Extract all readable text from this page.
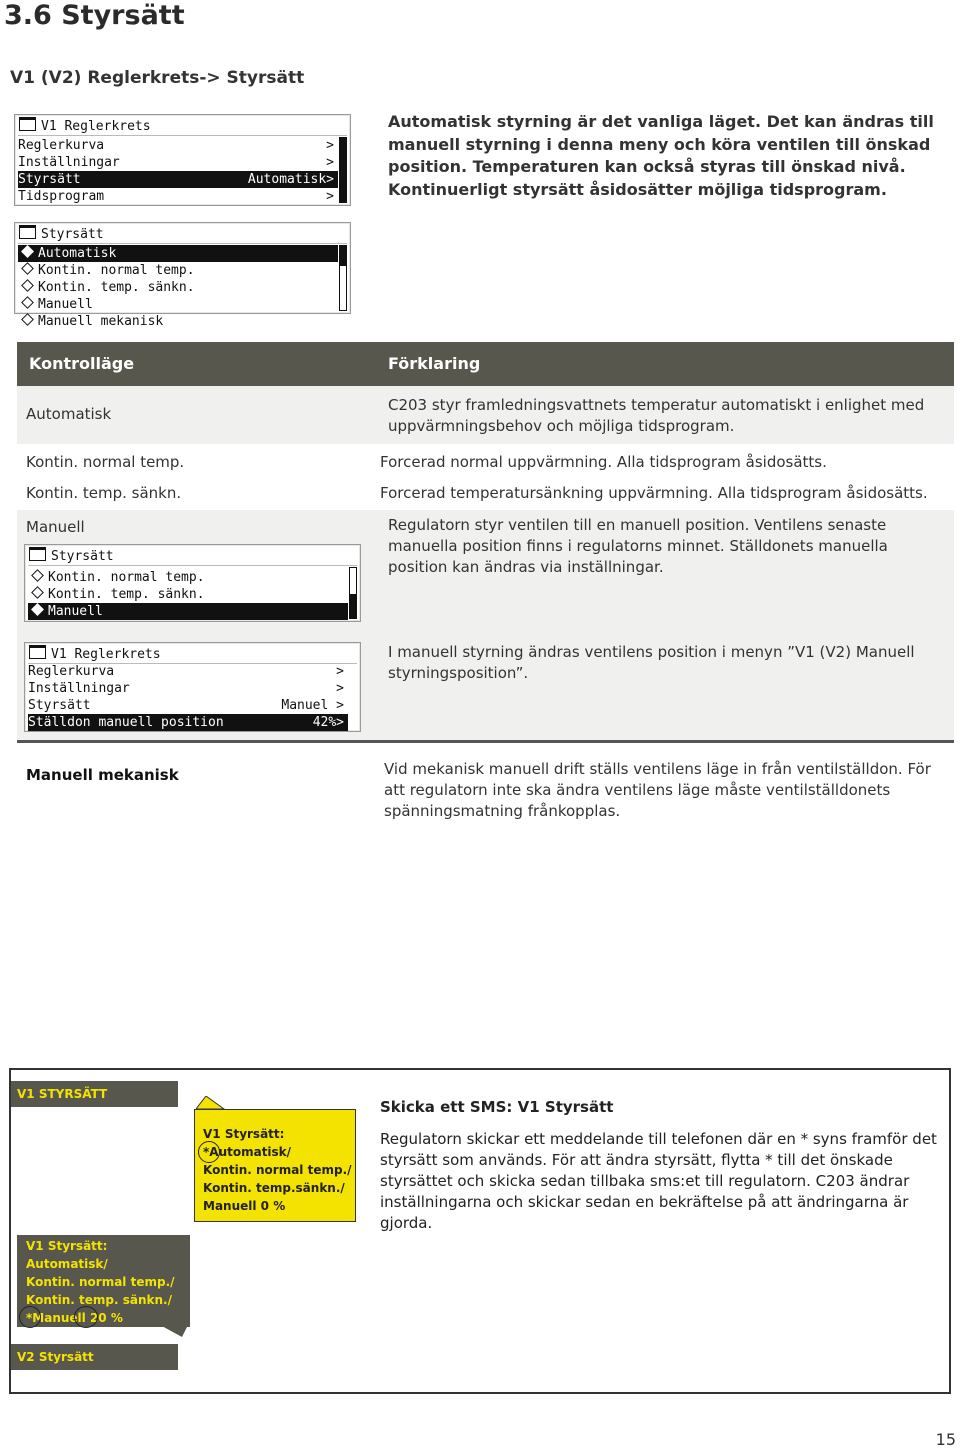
3.6 Styrsätt
V1 (V2) Reglerkrets-> Styrsätt
V1 Reglerkrets
Reglerkurva	>
Inställningar	>
Styrsätt	Automatisk>
Tidsprogram	>
Automatisk styrning är det vanliga läget. Det kan ändras till manuell styrning i denna meny och köra ventilen till önskad position. Temperaturen kan också styras till önskad nivå. Kontinuerligt styrsätt åsidosätter möjliga tidsprogram.
Styrsätt
Automatisk
Kontin. normal temp.
Kontin. temp. sänkn.
Manuell
Manuell mekanisk
Kontrolläge	Förklaring
Automatisk	C203 styr framledningsvattnets temperatur automatiskt i enlighet med uppvärmningsbehov och möjliga tidsprogram.
Kontin. normal temp.	Forcerad normal uppvärmning. Alla tidsprogram åsidosätts.
Kontin. temp. sänkn.	Forcerad temperatursänkning uppvärmning. Alla tidsprogram åsidosätts.
Manuell	Regulatorn styr ventilen till en manuell position. Ventilens senaste manuella position finns i regulatorns minnet. Ställdonets manuella position kan ändras via inställningar.
Styrsätt
Kontin. normal temp.
Kontin. temp. sänkn.
Manuell
I manuell styrning ändras ventilens position i menyn ”V1 (V2) Manuell styrningsposition”.
V1 Reglerkrets
Reglerkurva	>
Inställningar	>
Styrsätt	Manuel >
Ställdon manuell position	42%>
Manuell mekanisk	Vid mekanisk manuell drift ställs ventilens läge in från ventilställdon. För att regulatorn inte ska ändra ventilens läge måste ventilställdonets spänningsmatning frånkopplas.
V1 STYRSÄTT
V2 Styrsätt
V1 Styrsätt:
*Automatisk/
Kontin. normal temp./
Kontin. temp.sänkn./
Manuell 0 %
V1 Styrsätt:
Automatisk/
Kontin. normal temp./
Kontin. temp. sänkn./
*Manuell 20 %
Skicka ett SMS: V1 Styrsätt
Regulatorn skickar ett meddelande till telefonen där en * syns framför det styrsätt som används. För att ändra styrsätt, flytta * till det önskade styrsättet och skicka sedan tillbaka sms:et till regulatorn. C203 ändrar inställningarna och skickar sedan en bekräftelse på att ändringarna är gjorda.
15
